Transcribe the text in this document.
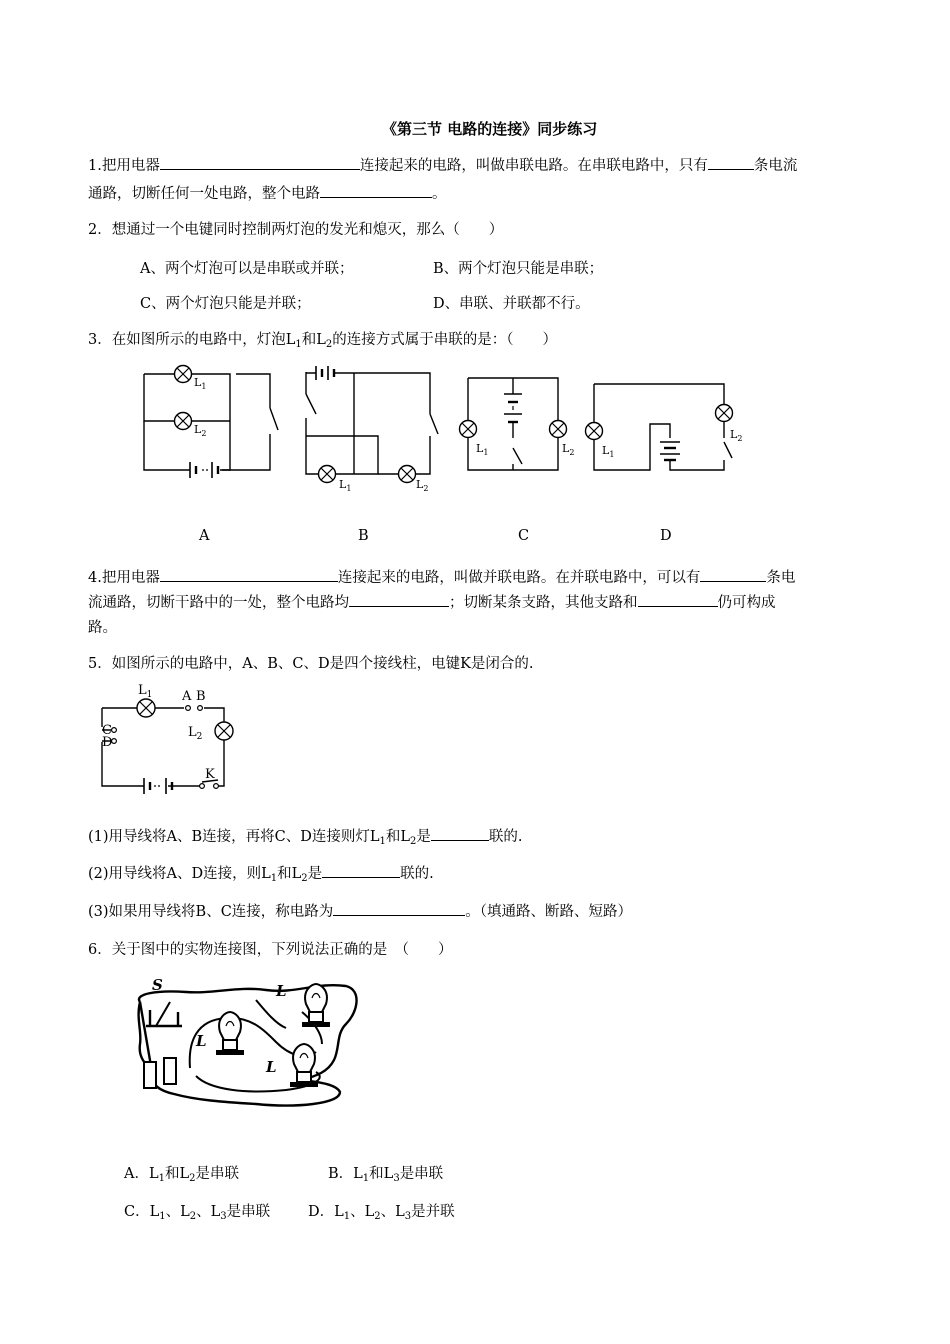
《第三节 电路的连接》同步练习
1.把用电器	连接起来的电路，叫做串联电路。在串联电路中，只有	条电流
通路，切断任何一处电路，整个电路	。
2．想通过一个电键同时控制两灯泡的发光和熄灭，那么（　　）
A、两个灯泡可以是串联或并联；	B、两个灯泡只能是串联；
C、两个灯泡只能是并联；	D、串联、并联都不行。
3．在如图所示的电路中，灯泡$L_1$和$L_2$的连接方式属于串联的是：（　　）
$L_1$
$L_2$
$L_1$	$L_2$
$L_1$	$L_2$	$L_1$
$L_2$
A	B	C	D
4.把用电器	连接起来的电路，叫做并联电路。在并联电路中，可以有	条电
流通路，切断干路中的一处，整个电路均	；切断某条支路，其他支路和	仍可构成
路。
5．如图所示的电路中，A、B、C、D是四个接线柱，电键K是闭合的.
$L_1$ A B
$L_2$
C
D
K
(1)用导线将A、B连接，再将C、D连接则灯$L_1$和$L_2$是	联的.
(2)用导线将A、D连接，则$L_1$和$L_2$是	联的.
(3)如果用导线将B、C连接，称电路为	。（填通路、断路、短路）
6．关于图中的实物连接图，下列说法正确的是　（　　）
S
L
L
L
A．$L_1$和$L_2$是串联	B．$L_1$和$L_3$是串联
C．$L_1$、$L_2$、$L_3$是串联	D．$L_1$、$L_2$、$L_3$是并联
